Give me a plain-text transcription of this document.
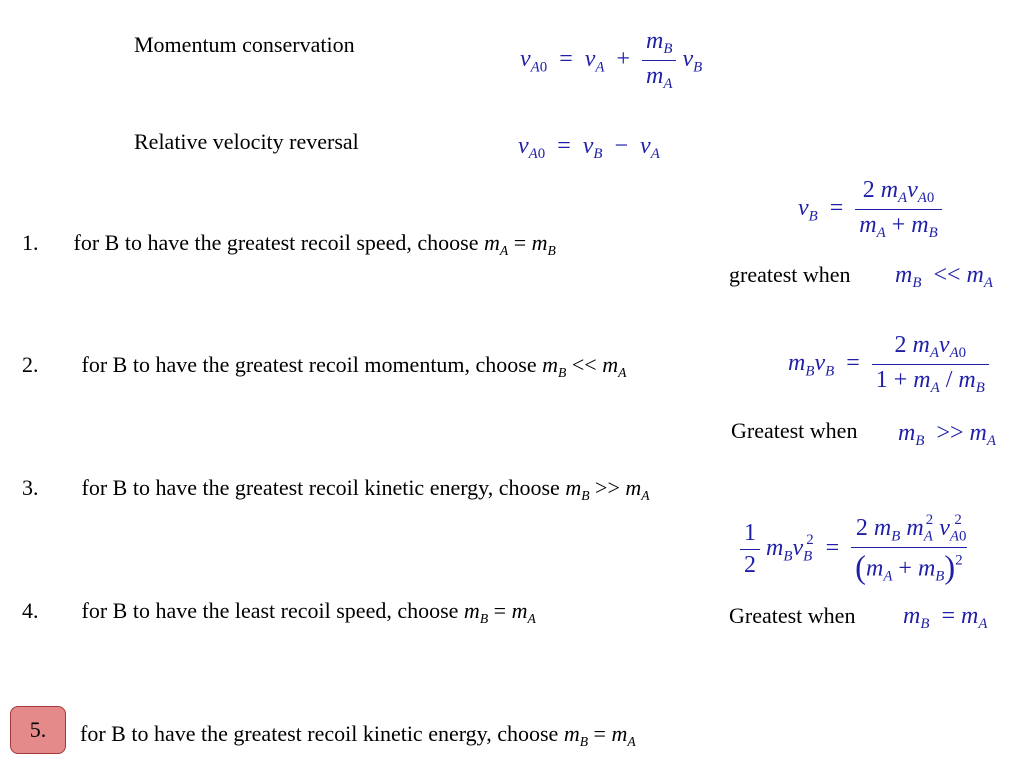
Momentum conservation
Relative velocity reversal
$v_{A0} = v_A + \frac{m_B}{m_A} v_B$
$v_{A0} = v_B - v_A$
$v_B = \frac{2 m_Av_{A0}}{m_A + m_B}$
greatest when $m_B << m_A$
$m_Bv_B = \frac{2 m_Av_{A0}}{1 + m_A / m_B}$
Greatest when $m_B >> m_A$
$\frac{1}{2} m_Bv_B^2 = \frac{2 m_B m_A^2 v_{A0}^2}{(m_A + m_B)^2}$
Greatest when $m_B = m_A$
1. for B to have the greatest recoil speed, choose $m_A = m_B$
2. for B to have the greatest recoil momentum, choose $m_B << m_A$
3. for B to have the greatest recoil kinetic energy, choose $m_B >> m_A$
4. for B to have the least recoil speed, choose $m_B = m_A$
5.	for B to have the greatest recoil kinetic energy, choose $m_B = m_A$
